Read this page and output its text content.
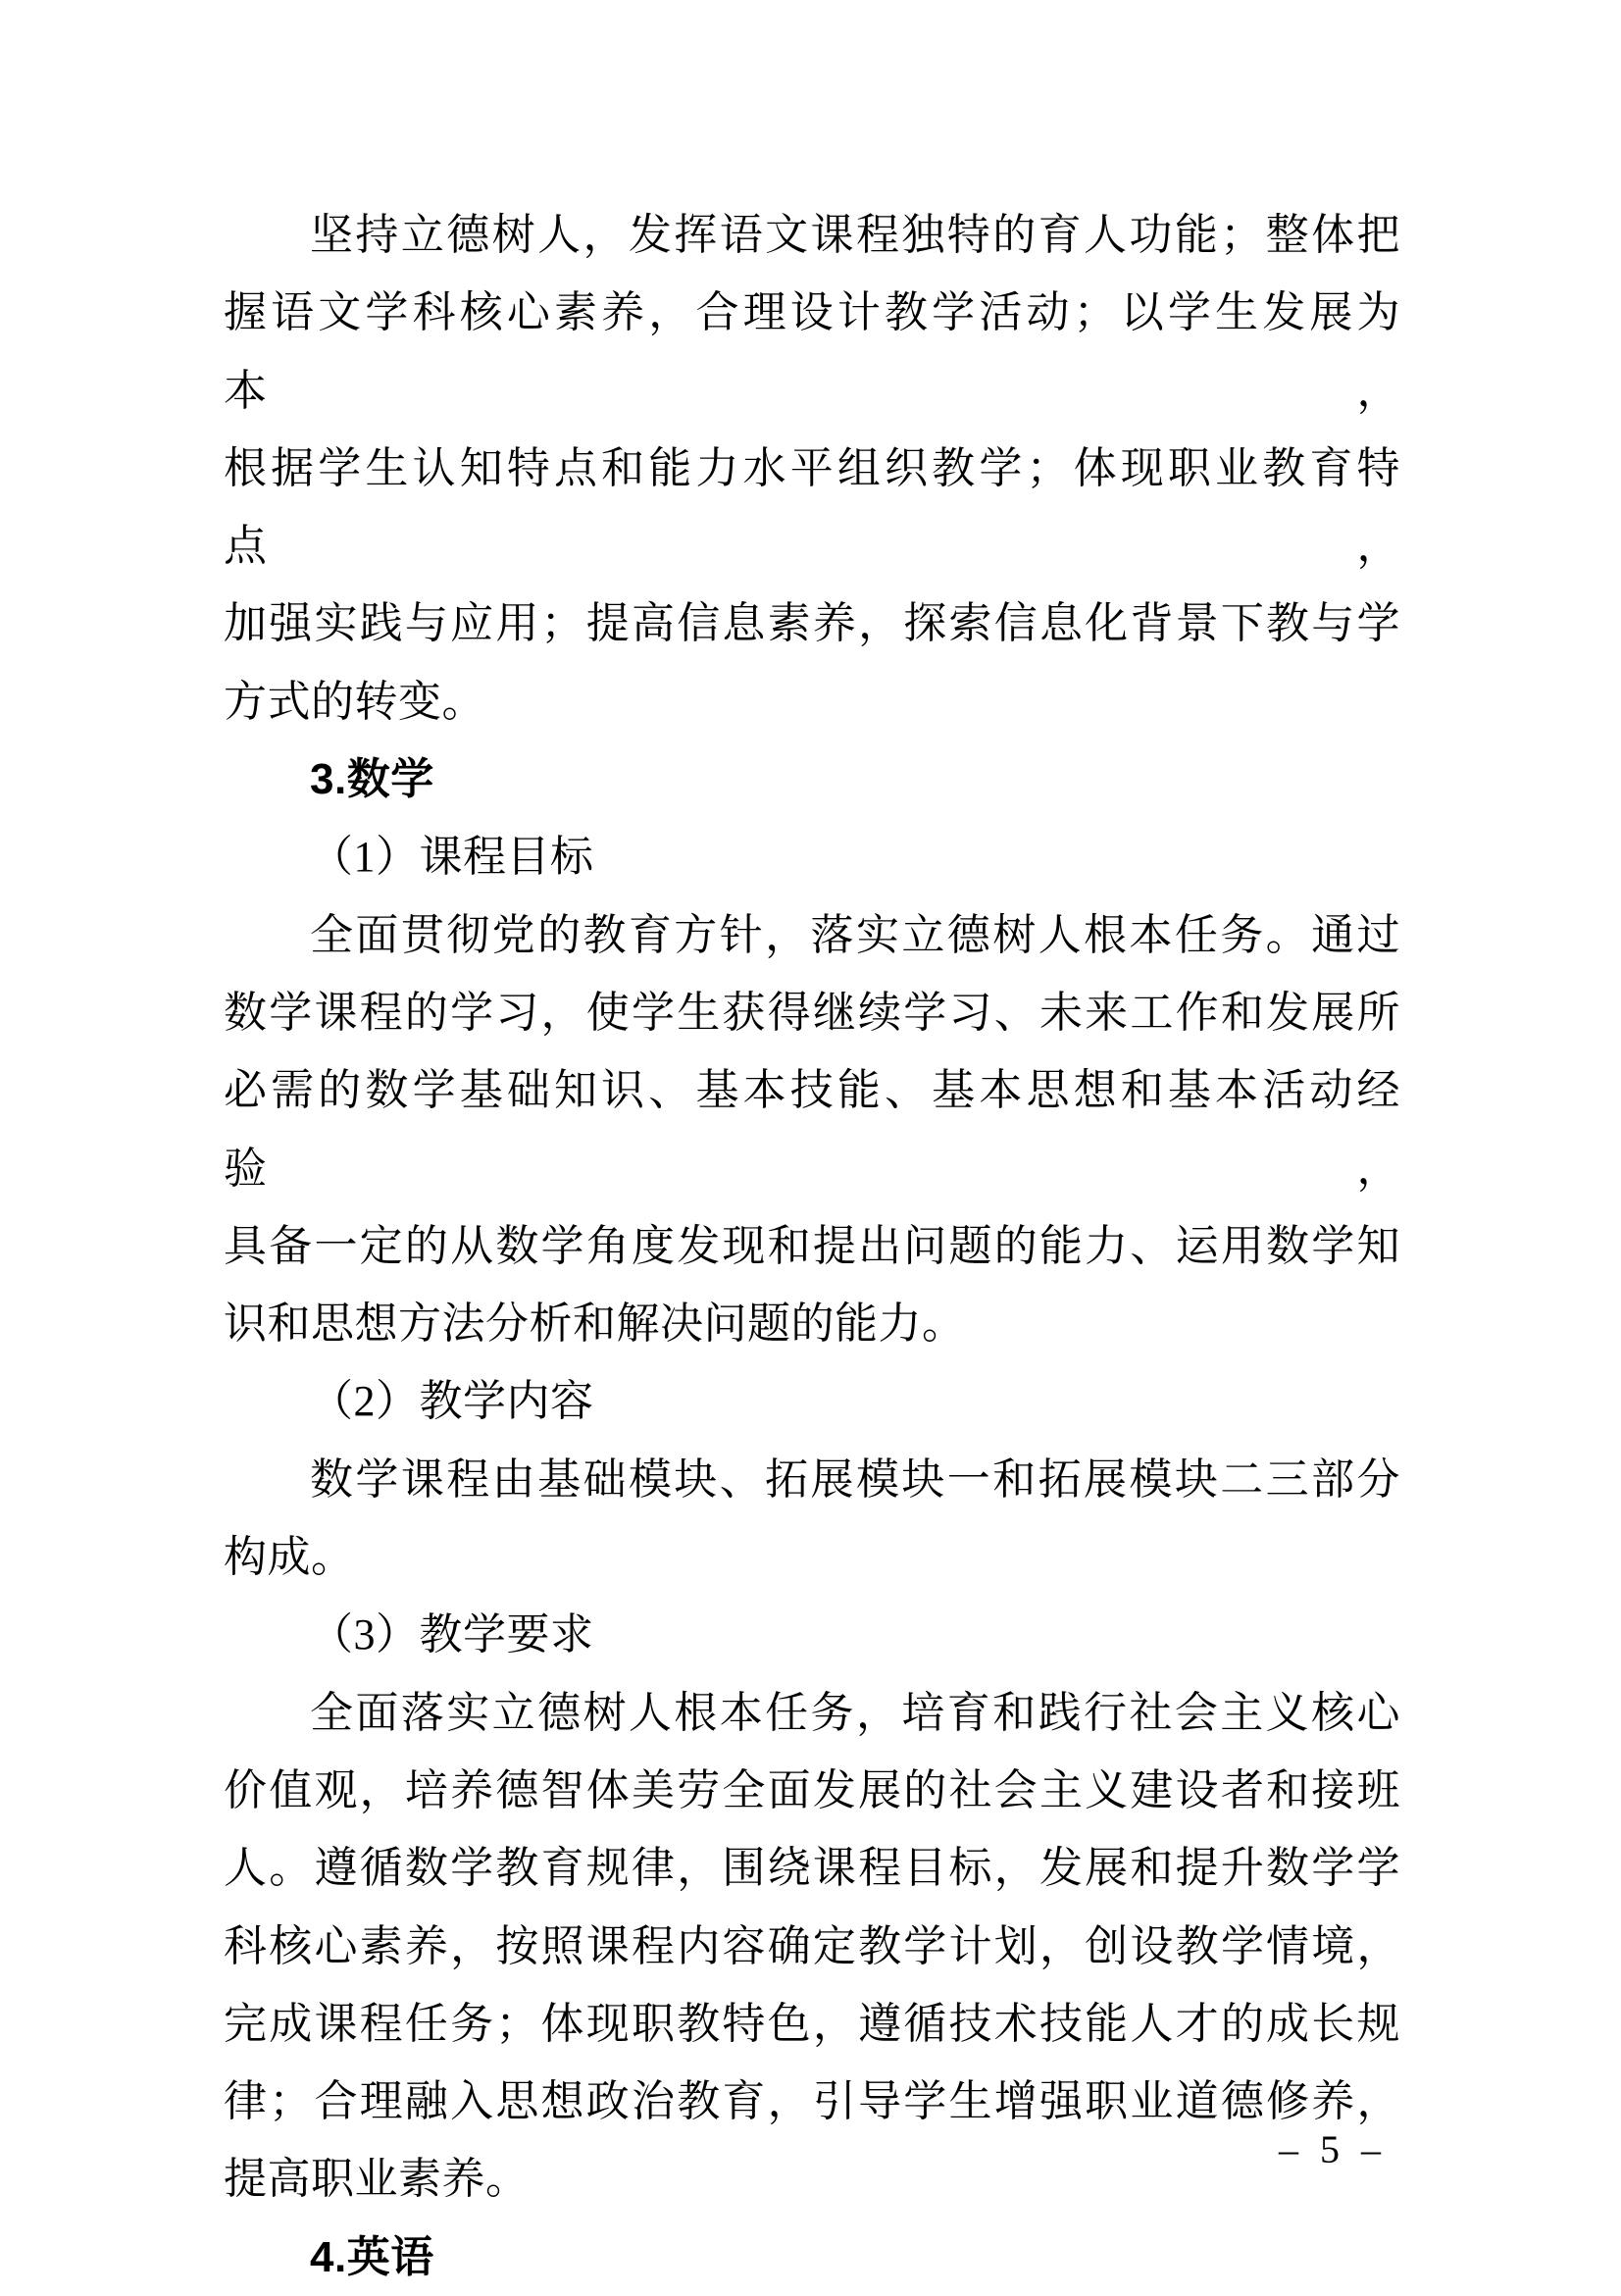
坚持立德树人，发挥语文课程独特的育人功能；整体把
握语文学科核心素养，合理设计教学活动；以学生发展为本，
根据学生认知特点和能力水平组织教学；体现职业教育特点，
加强实践与应用；提高信息素养，探索信息化背景下教与学
方式的转变。
3.数学
（1）课程目标
全面贯彻党的教育方针，落实立德树人根本任务。通过
数学课程的学习，使学生获得继续学习、未来工作和发展所
必需的数学基础知识、基本技能、基本思想和基本活动经验，
具备一定的从数学角度发现和提出问题的能力、运用数学知
识和思想方法分析和解决问题的能力。
（2）教学内容
数学课程由基础模块、拓展模块一和拓展模块二三部分
构成。
（3）教学要求
全面落实立德树人根本任务，培育和践行社会主义核心
价值观，培养德智体美劳全面发展的社会主义建设者和接班
人。遵循数学教育规律，围绕课程目标，发展和提升数学学
科核心素养，按照课程内容确定教学计划，创设教学情境，
完成课程任务；体现职教特色，遵循技术技能人才的成长规
律；合理融入思想政治教育，引导学生增强职业道德修养，
提高职业素养。
4.英语
– 5 –
